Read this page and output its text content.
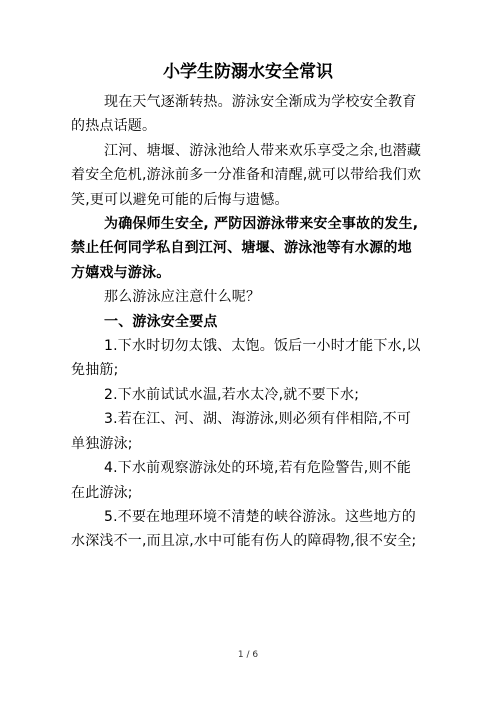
小学生防溺水安全常识

现在天气逐渐转热。游泳安全渐成为学校安全教育的热点话题。

江河、塘堰、游泳池给人带来欢乐享受之余,也潜藏着安全危机,游泳前多一分准备和清醒,就可以带给我们欢笑,更可以避免可能的后悔与遗憾。

为确保师生安全, 严防因游泳带来安全事故的发生, 禁止任何同学私自到江河、塘堰、游泳池等有水源的地方嬉戏与游泳。

那么游泳应注意什么呢？

一、游泳安全要点

1.下水时切勿太饿、太饱。饭后一小时才能下水,以免抽筋;

2.下水前试试水温,若水太冷,就不要下水;

3.若在江、河、湖、海游泳,则必须有伴相陪,不可单独游泳;

4.下水前观察游泳处的环境,若有危险警告,则不能在此游泳;

5.不要在地理环境不清楚的峡谷游泳。这些地方的水深浅不一,而且凉,水中可能有伤人的障碍物,很不安全;

1 / 6
